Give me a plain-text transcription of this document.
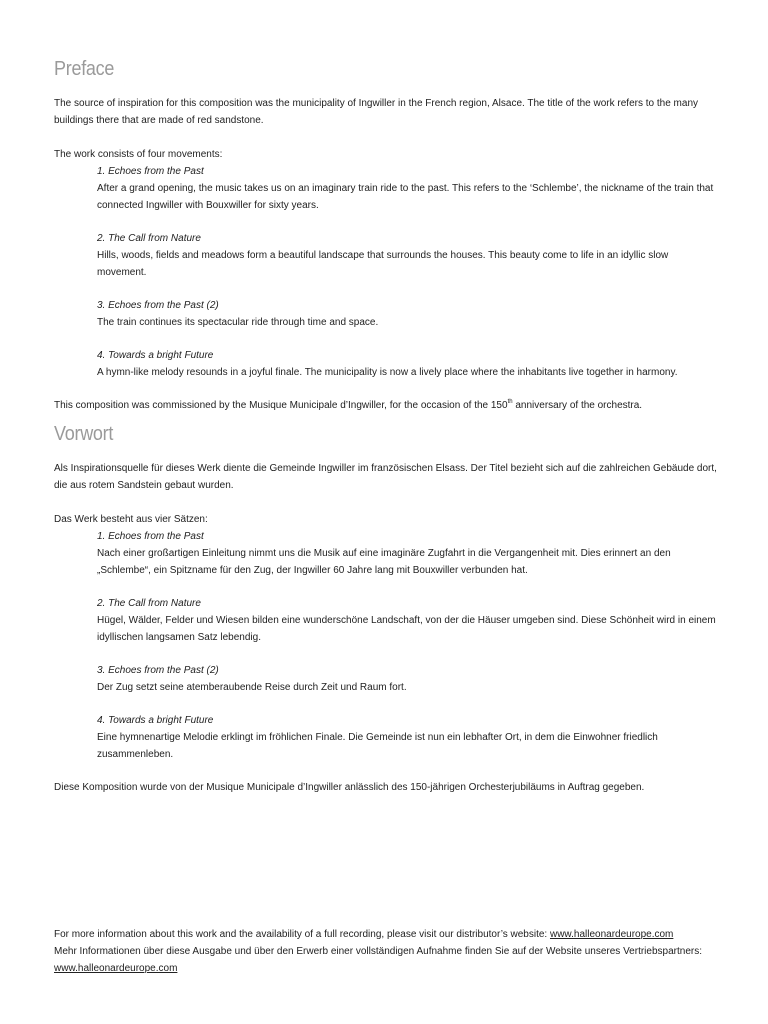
Preface

The source of inspiration for this composition was the municipality of Ingwiller in the French region, Alsace. The title of the work refers to the many buildings there that are made of red sandstone.

The work consists of four movements:

1. Echoes from the Past
After a grand opening, the music takes us on an imaginary train ride to the past. This refers to the ‘Schlembe’, the nickname of the train that connected Ingwiller with Bouxwiller for sixty years.
2. The Call from Nature
Hills, woods, fields and meadows form a beautiful landscape that surrounds the houses. This beauty come to life in an idyllic slow movement.
3. Echoes from the Past (2)
The train continues its spectacular ride through time and space.
4. Towards a bright Future
A hymn-like melody resounds in a joyful finale. The municipality is now a lively place where the inhabitants live together in harmony.

This composition was commissioned by the Musique Municipale d’Ingwiller, for the occasion of the 150th anniversary of the orchestra.

Vorwort

Als Inspirationsquelle für dieses Werk diente die Gemeinde Ingwiller im französischen Elsass. Der Titel bezieht sich auf die zahlreichen Gebäude dort, die aus rotem Sandstein gebaut wurden.

Das Werk besteht aus vier Sätzen:

1. Echoes from the Past
Nach einer großartigen Einleitung nimmt uns die Musik auf eine imaginäre Zugfahrt in die Vergangenheit mit. Dies erinnert an den „Schlembe“, ein Spitzname für den Zug, der Ingwiller 60 Jahre lang mit Bouxwiller verbunden hat.
2. The Call from Nature
Hügel, Wälder, Felder und Wiesen bilden eine wunderschöne Landschaft, von der die Häuser umgeben sind. Diese Schönheit wird in einem idyllischen langsamen Satz lebendig.
3. Echoes from the Past (2)
Der Zug setzt seine atemberaubende Reise durch Zeit und Raum fort.
4. Towards a bright Future
Eine hymnenartige Melodie erklingt im fröhlichen Finale. Die Gemeinde ist nun ein lebhafter Ort, in dem die Einwohner friedlich zusammenleben.

Diese Komposition wurde von der Musique Municipale d’Ingwiller anlässlich des 150-jährigen Orchesterjubiläums in Auftrag gegeben.

For more information about this work and the availability of a full recording, please visit our distributor’s website: www.halleonardeurope.com
Mehr Informationen über diese Ausgabe und über den Erwerb einer vollständigen Aufnahme finden Sie auf der Website unseres Vertriebspartners:
www.halleonardeurope.com
